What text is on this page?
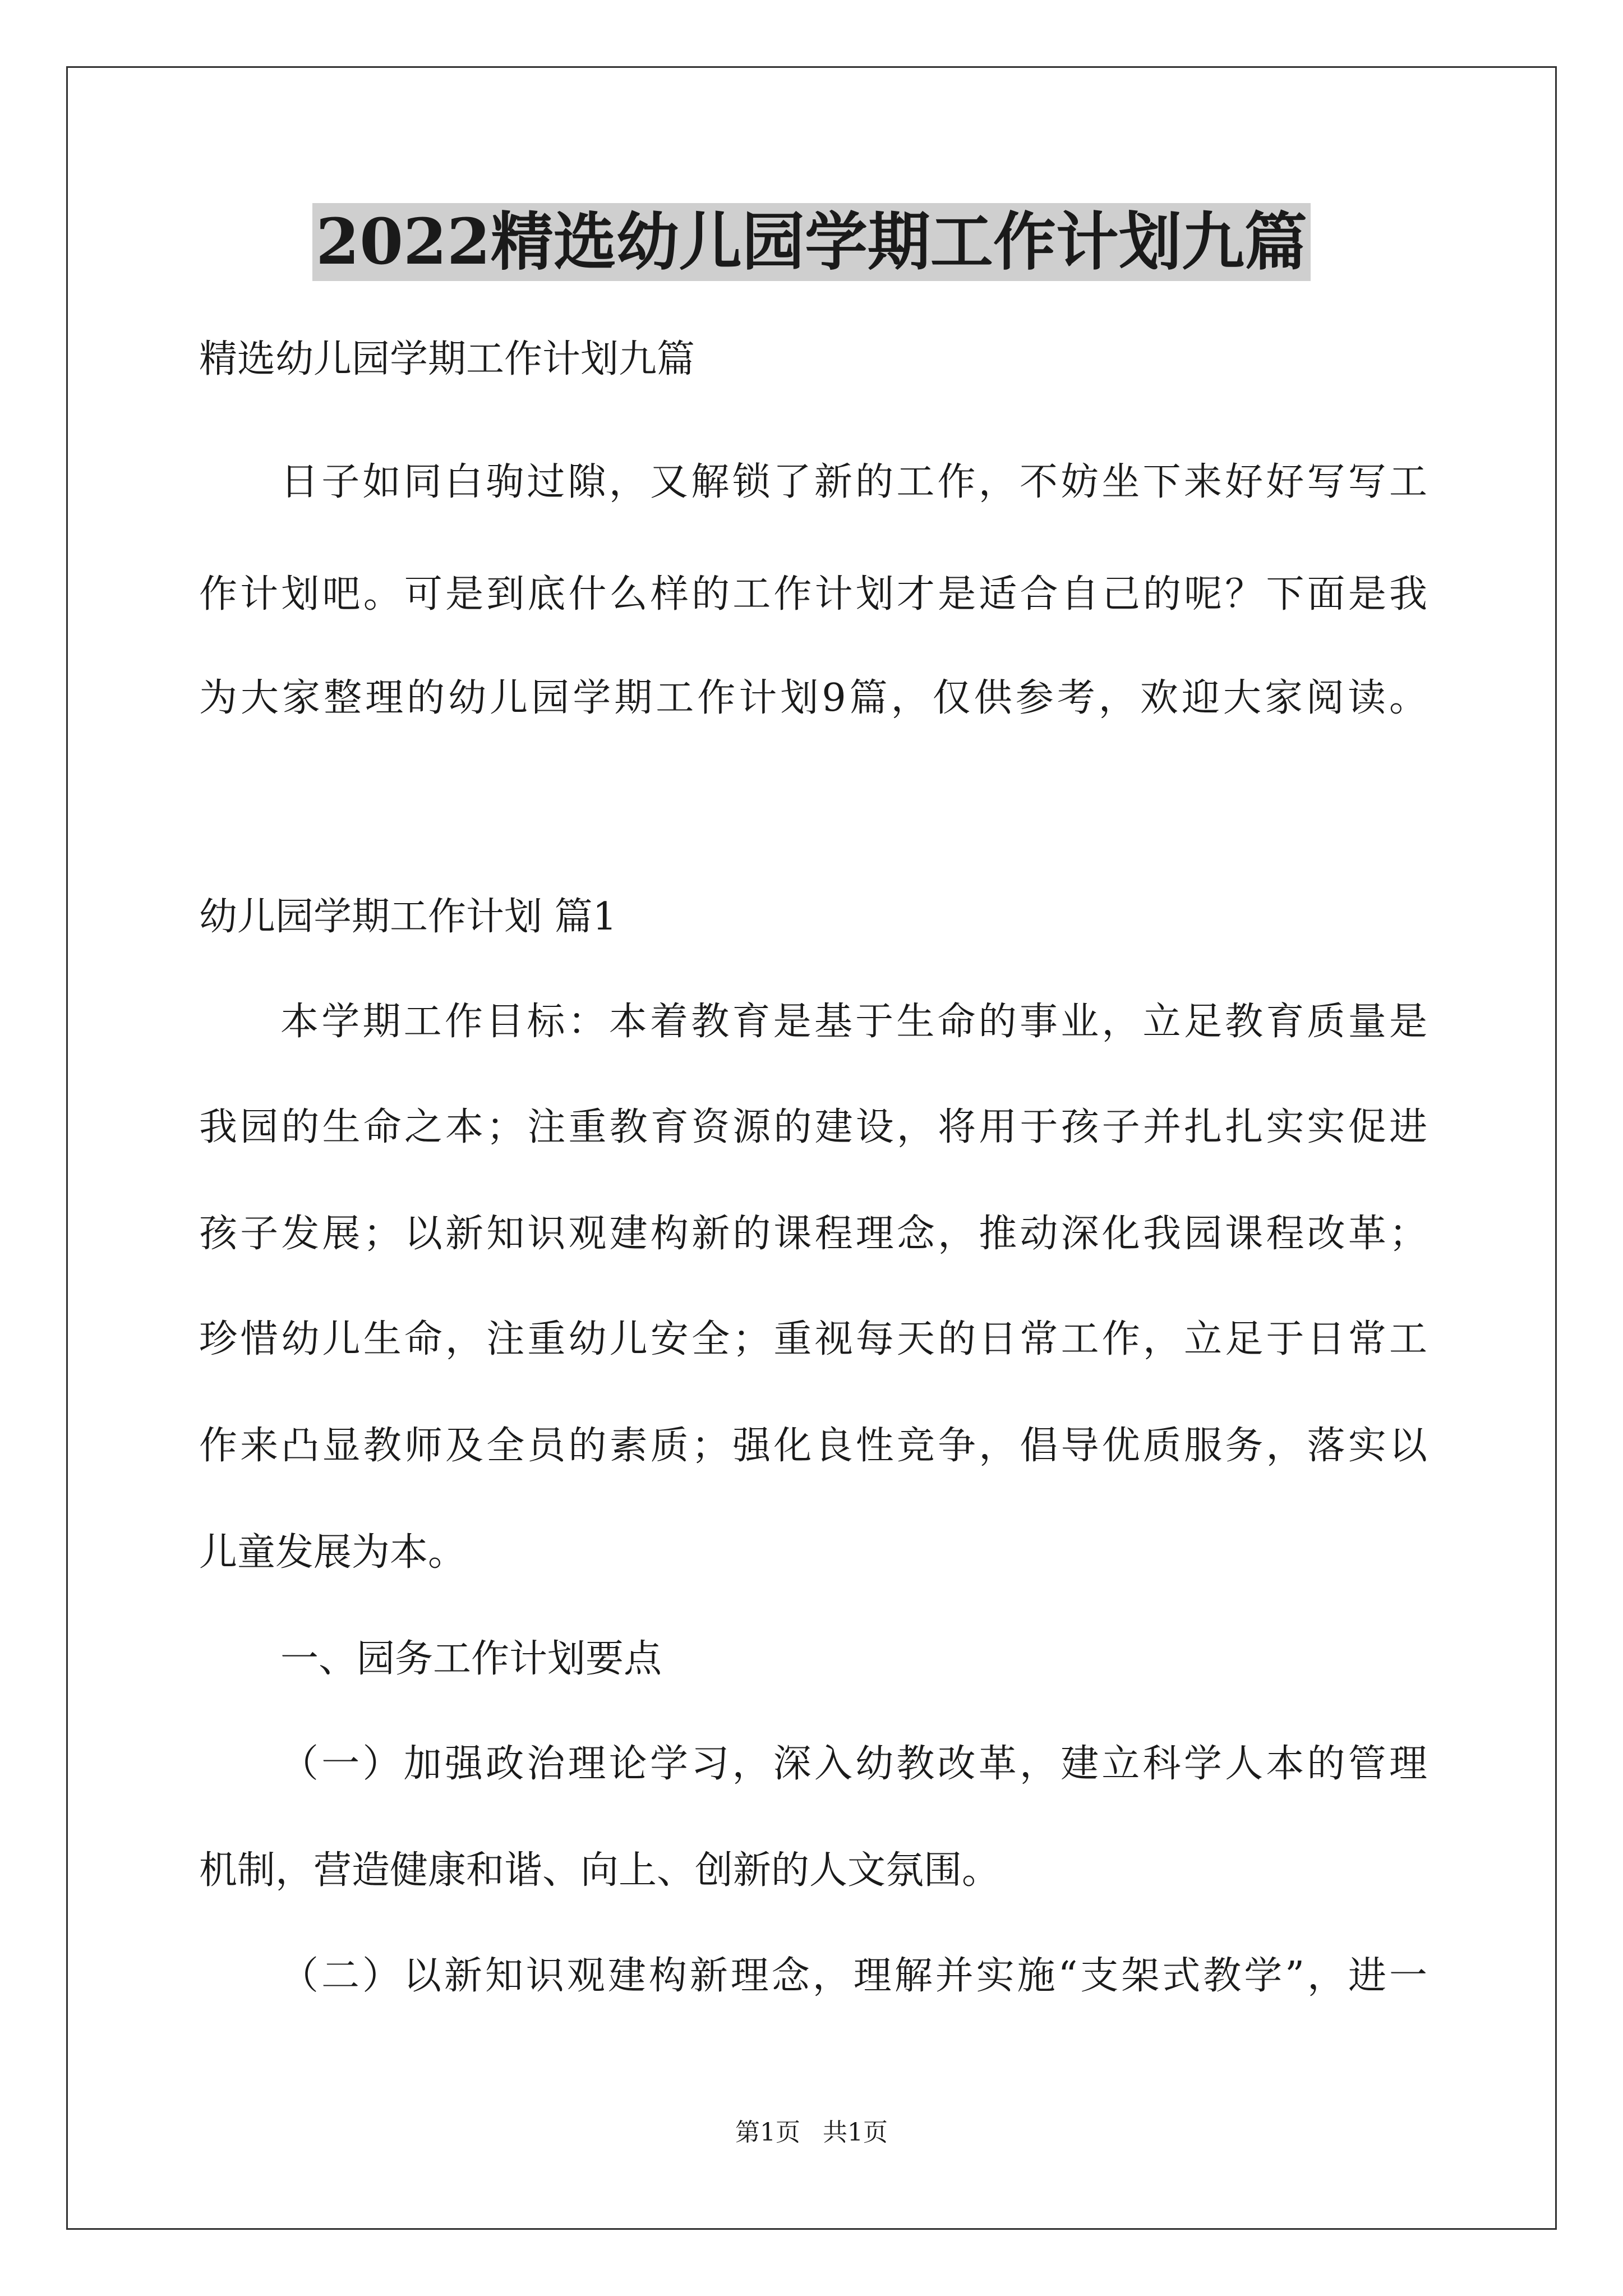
2022精选幼儿园学期工作计划九篇
精选幼儿园学期工作计划九篇
日子如同白驹过隙，又解锁了新的工作，不妨坐下来好好写写工
作计划吧。可是到底什么样的工作计划才是适合自己的呢？下面是我
为大家整理的幼儿园学期工作计划9篇，仅供参考，欢迎大家阅读。
幼儿园学期工作计划 篇1
本学期工作目标：本着教育是基于生命的事业，立足教育质量是
我园的生命之本；注重教育资源的建设，将用于孩子并扎扎实实促进
孩子发展；以新知识观建构新的课程理念，推动深化我园课程改革；
珍惜幼儿生命，注重幼儿安全；重视每天的日常工作，立足于日常工
作来凸显教师及全员的素质；强化良性竞争，倡导优质服务，落实以
儿童发展为本。
一、园务工作计划要点
（一）加强政治理论学习，深入幼教改革，建立科学人本的管理
机制，营造健康和谐、向上、创新的人文氛围。
（二）以新知识观建构新理念，理解并实施“支架式教学”，进一
第1页 共1页
